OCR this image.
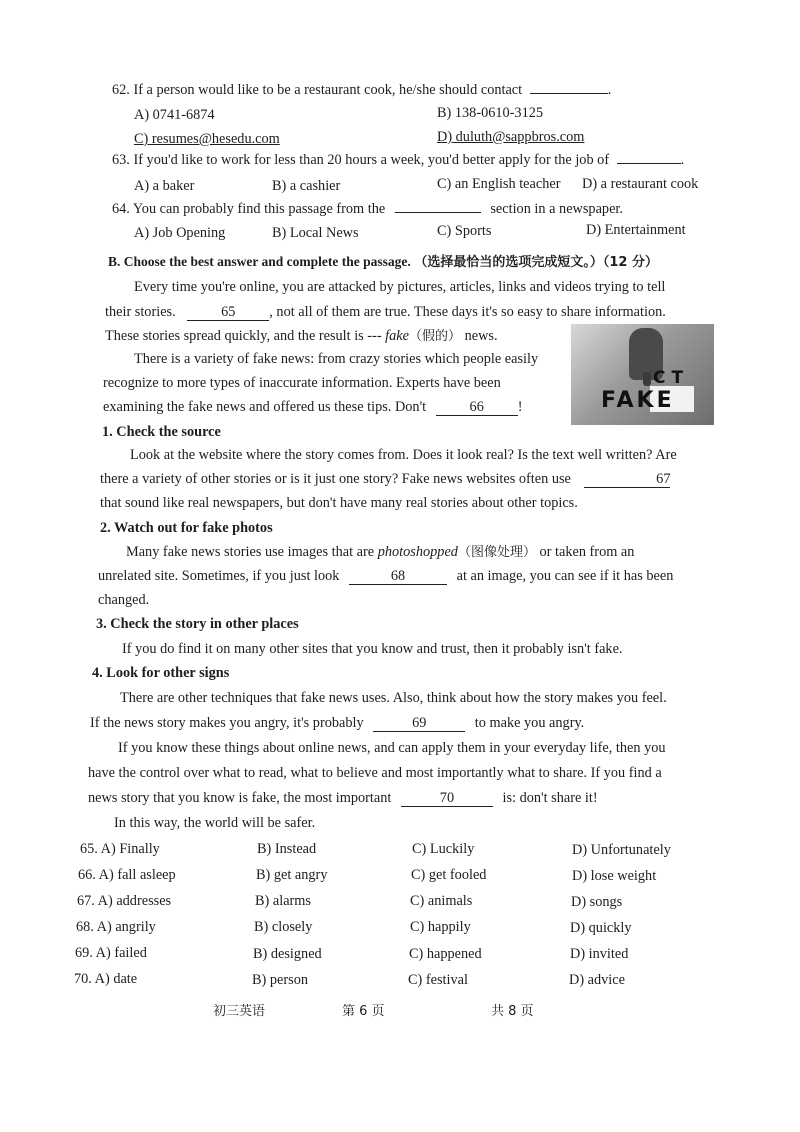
62. If a person would like to be a restaurant cook, he/she should contact	.
A) 0741-6874	B) 138-0610-3125
C) resumes@hesedu.com	D) duluth@sappbros.com
63. If you'd like to work for less than 20 hours a week, you'd better apply for the job of	.
A) a baker	B) a cashier	C) an English teacher D) a restaurant cook
64. You can probably find this passage from the	section in a newspaper.
A) Job Opening	B) Local News	C) Sports	D) Entertainment
B. Choose the best answer and complete the passage. （选择最恰当的选项完成短文。）（12 分）
Every time you're online, you are attacked by pictures, articles, links and videos trying to tell
their stories.	65 , not all of them are true. These days it's so easy to share information.
These stories spread quickly, and the result is --- fake（假的） news.
CT
FAKE
There is a variety of fake news: from crazy stories which people easily
recognize to more types of inaccurate information. Experts have been
examining the fake news and offered us these tips. Don't	66 !
1. Check the source
Look at the website where the story comes from. Does it look real? Is the text well written? Are
there a variety of other stories or is it just one story? Fake news websites often use	67
that sound like real newspapers, but don't have many real stories about other topics.
2. Watch out for fake photos
Many fake news stories use images that are photoshopped（图像处理） or taken from an
unrelated site. Sometimes, if you just look	68	at an image, you can see if it has been
changed.
3. Check the story in other places
If you do find it on many other sites that you know and trust, then it probably isn't fake.
4. Look for other signs
There are other techniques that fake news uses. Also, think about how the story makes you feel.
If the news story makes you angry, it's probably	69	to make you angry.
If you know these things about online news, and can apply them in your everyday life, then you
have the control over what to read, what to believe and most importantly what to share. If you find a
news story that you know is fake, the most important	70	is: don't share it!
In this way, the world will be safer.
65. A) Finally	B) Instead	C) Luckily	D) Unfortunately
66. A) fall asleep	B) get angry	C) get fooled	D) lose weight
67. A) addresses	B) alarms	C) animals	D) songs
68. A) angrily	B) closely	C) happily	D) quickly
69. A) failed	B) designed	C) happened	D) invited
70. A) date	B) person	C) festival	D) advice
初三英语	第 6 页	共 8 页
